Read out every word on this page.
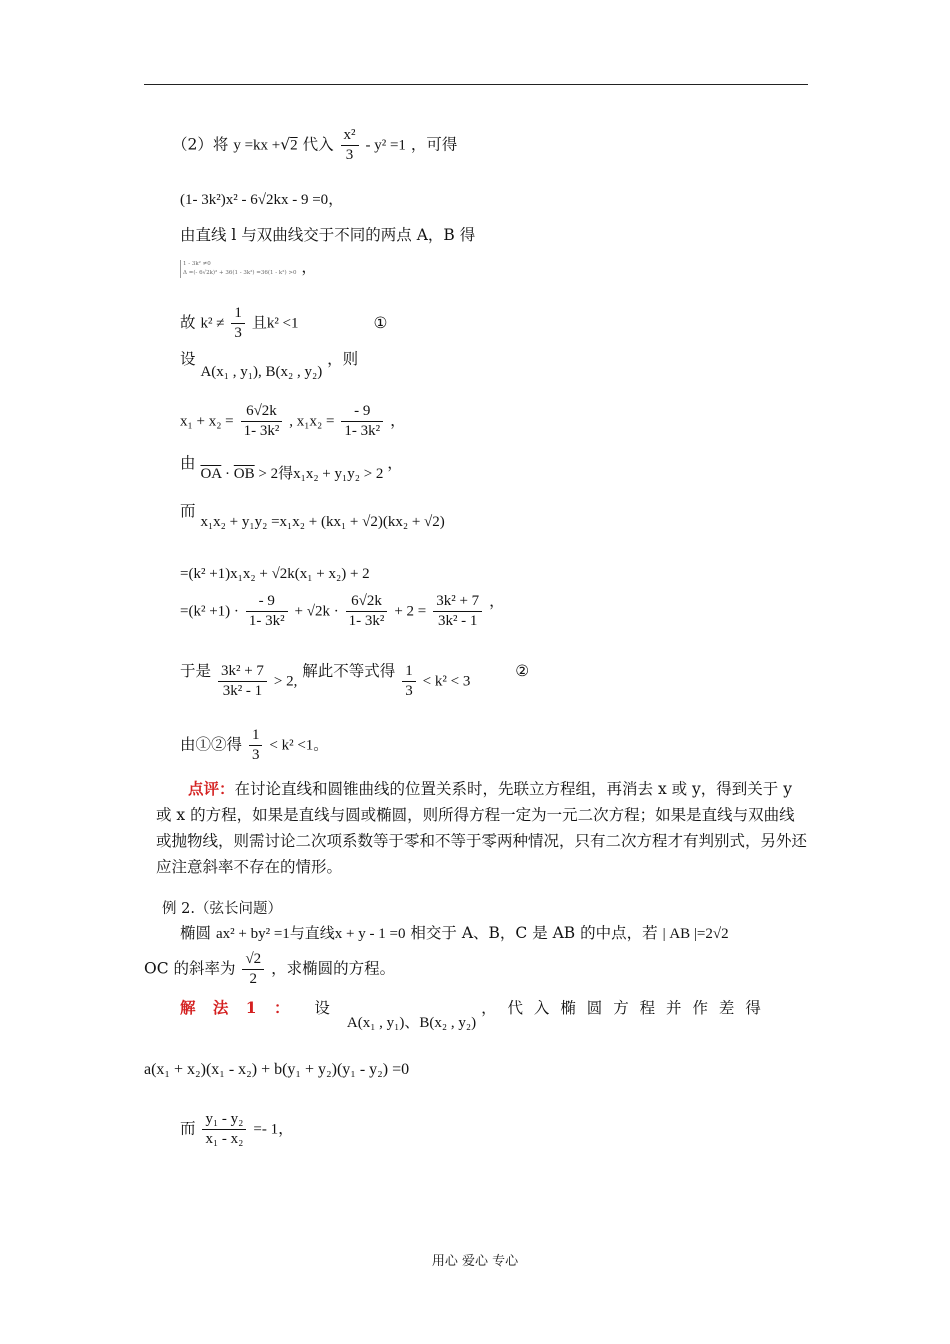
（2）将 y =kx +√2 代入 $\frac{\text{x²}}{3} - y^2 =1$ ，可得
(1- 3k²)x² - 6√2kx - 9 =0，
由直线 l 与双曲线交于不同的两点 A，B 得
1 - 3k² ≠0
Δ =(- 6√2k)² + 36(1 - 3k²) =36(1 - k²) >0 ，
故 $k^2 \ne \frac{1}{3}$ 且k² <1	①
设 A(x₁ , y₁), B(x₂ , y₂) ，则
$x_1 + x_2 = \frac{6√2k}{\text{1- 3k²}}$ , $x_1x_2 = \frac{- 9}{\text{1- 3k²}}$ ，
由 $\overline{OA} \cdot \overline{OB} > 2$得x₁x₂ + y₁y₂ > 2 ，
而 x₁x₂ + y₁y₂ =x₁x₂ + (kx₁ + √2)(kx₂ + √2)
=(k² +1)x₁x₂ + √2k(x₁ + x₂) + 2
$=(k^2 +1) \cdot \frac{- 9}{\text{1- 3k²}} + √2k \cdot \frac{6√2k}{\text{1- 3k²}} + 2 = \frac{\text{3k² + 7}}{\text{3k² - 1}}$ ，
于是 $\frac{\text{3k² + 7}}{\text{3k² - 1}} > 2$, 解此不等式得 $\frac{1}{3} < k^2 < 3$ ②
由①②得 $\frac{1}{3} < k^2 <1$。
点评：在讨论直线和圆锥曲线的位置关系时，先联立方程组，再消去 x 或 y，得到关于 y 或 x 的方程，如果是直线与圆或椭圆，则所得方程一定为一元二次方程；如果是直线与双曲线或抛物线，则需讨论二次项系数等于零和不等于零两种情况，只有二次方程才有判别式，另外还应注意斜率不存在的情形。
例 2.（弦长问题）
椭圆 ax² + by² =1与直线x + y - 1 =0 相交于 A、B，C 是 AB 的中点，若 | AB |=2√2
OC 的斜率为 $\frac{√2}{2}$ ，求椭圆的方程。
解 法 1 ： 设 A(x₁ , y₁)、B(x₂ , y₂) ， 代 入 椭 圆 方 程 并 作 差 得
a(x₁ + x₂)(x₁ - x₂) + b(y₁ + y₂)(y₁ - y₂) =0
而 $\frac{\text{y₁ - y₂}}{\text{x₁ - x₂}} =- 1$，
用心 爱心 专心
